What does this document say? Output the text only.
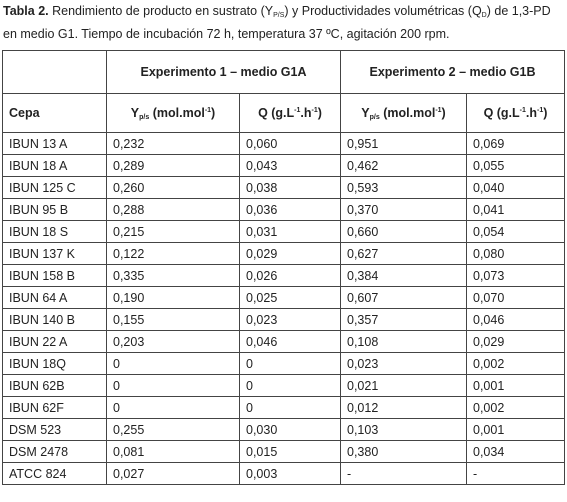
Tabla 2. Rendimiento de producto en sustrato $(Y_{P/S})$ y Productividades volumétricas $(Q_D)$ de 1,3-PD en medio G1. Tiempo de incubación 72 h, temperatura 37 ºC, agitación 200 rpm.
	Experimento 1 – medio G1A		Experimento 2 – medio G1B	
Cepa	$Y_{p/s}$ (mol.mol$^{-1}$)	Q $(g.L^{-1}.h^{-1})$	$Y_{p/s}$ (mol.mol$^{-1}$)	Q $(g.L^{-1}.h^{-1})$
IBUN 13 A	0,232	0,060	0,951	0,069
IBUN 18 A	0,289	0,043	0,462	0,055
IBUN 125 C	0,260	0,038	0,593	0,040
IBUN 95 B	0,288	0,036	0,370	0,041
IBUN 18 S	0,215	0,031	0,660	0,054
IBUN 137 K	0,122	0,029	0,627	0,080
IBUN 158 B	0,335	0,026	0,384	0,073
IBUN 64 A	0,190	0,025	0,607	0,070
IBUN 140 B	0,155	0,023	0,357	0,046
IBUN 22 A	0,203	0,046	0,108	0,029
IBUN 18Q	0	0	0,023	0,002
IBUN 62B	0	0	0,021	0,001
IBUN 62F	0	0	0,012	0,002
DSM 523	0,255	0,030	0,103	0,001
DSM 2478	0,081	0,015	0,380	0,034
ATCC 824	0,027	0,003	-	-
